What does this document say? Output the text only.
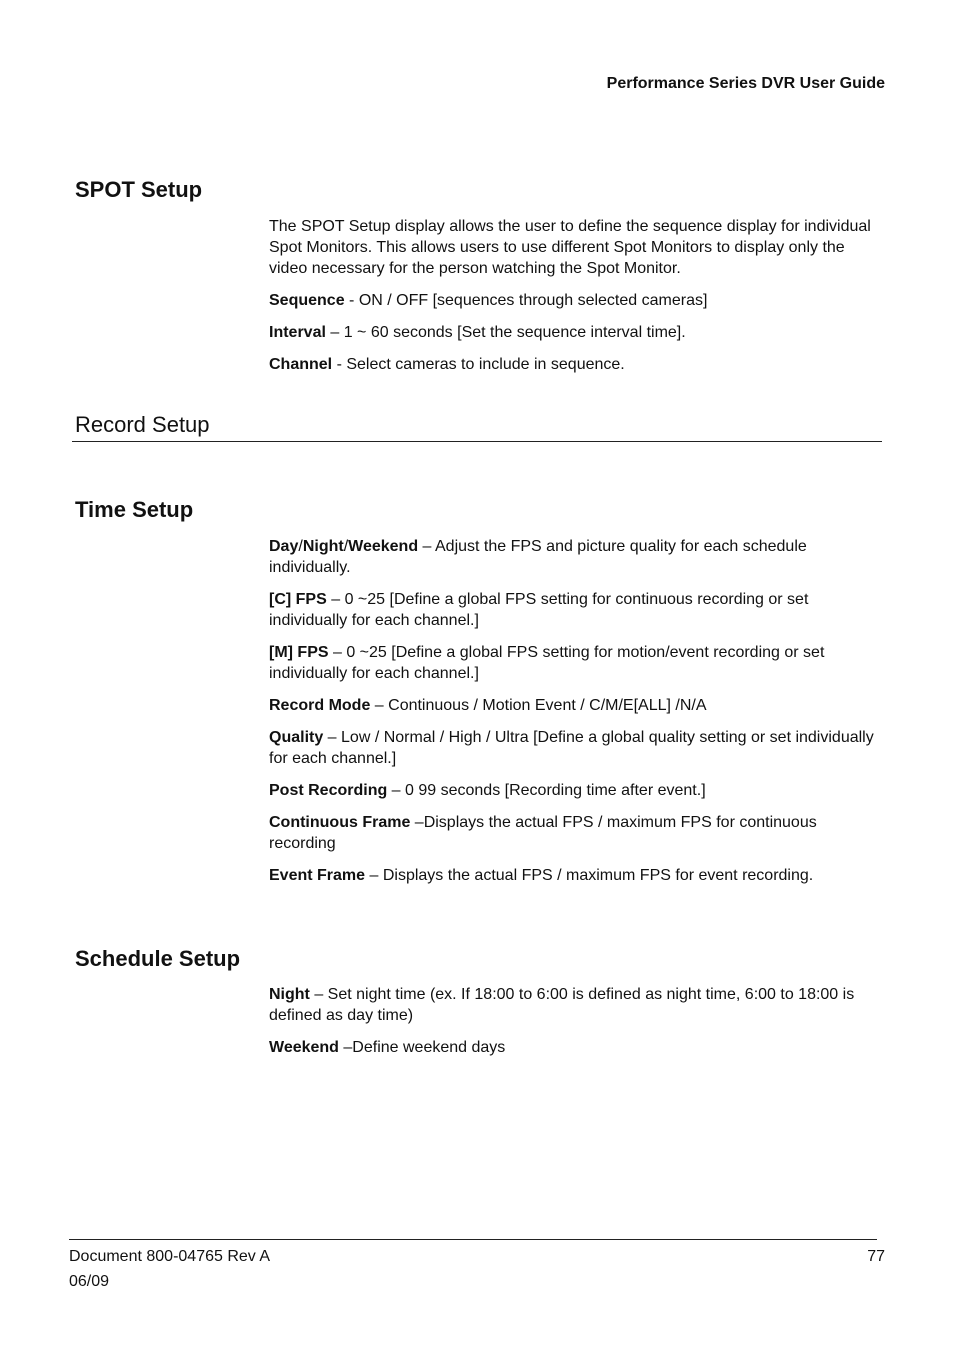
Performance Series DVR User Guide
SPOT Setup

The SPOT Setup display allows the user to define the sequence display for individual Spot Monitors. This allows users to use different Spot Monitors to display only the video necessary for the person watching the Spot Monitor.

Sequence - ON / OFF [sequences through selected cameras]

Interval – 1 ~ 60 seconds [Set the sequence interval time].

Channel - Select cameras to include in sequence.

Record Setup
Time Setup

Day/Night/Weekend – Adjust the FPS and picture quality for each schedule individually.

[C] FPS – 0 ~25 [Define a global FPS setting for continuous recording or set individually for each channel.]

[M] FPS – 0 ~25 [Define a global FPS setting for motion/event recording or set individually for each channel.]

Record Mode – Continuous / Motion Event / C/M/E[ALL] /N/A

Quality – Low / Normal / High / Ultra [Define a global quality setting or set individually for each channel.]

Post Recording – 0 99 seconds [Recording time after event.]

Continuous Frame –Displays the actual FPS / maximum FPS for continuous recording

Event Frame – Displays the actual FPS / maximum FPS for event recording.

Schedule Setup

Night – Set night time (ex. If 18:00 to 6:00 is defined as night time, 6:00 to 18:00 is defined as day time)

Weekend –Define weekend days

Document 800-04765 Rev A
06/09
77
